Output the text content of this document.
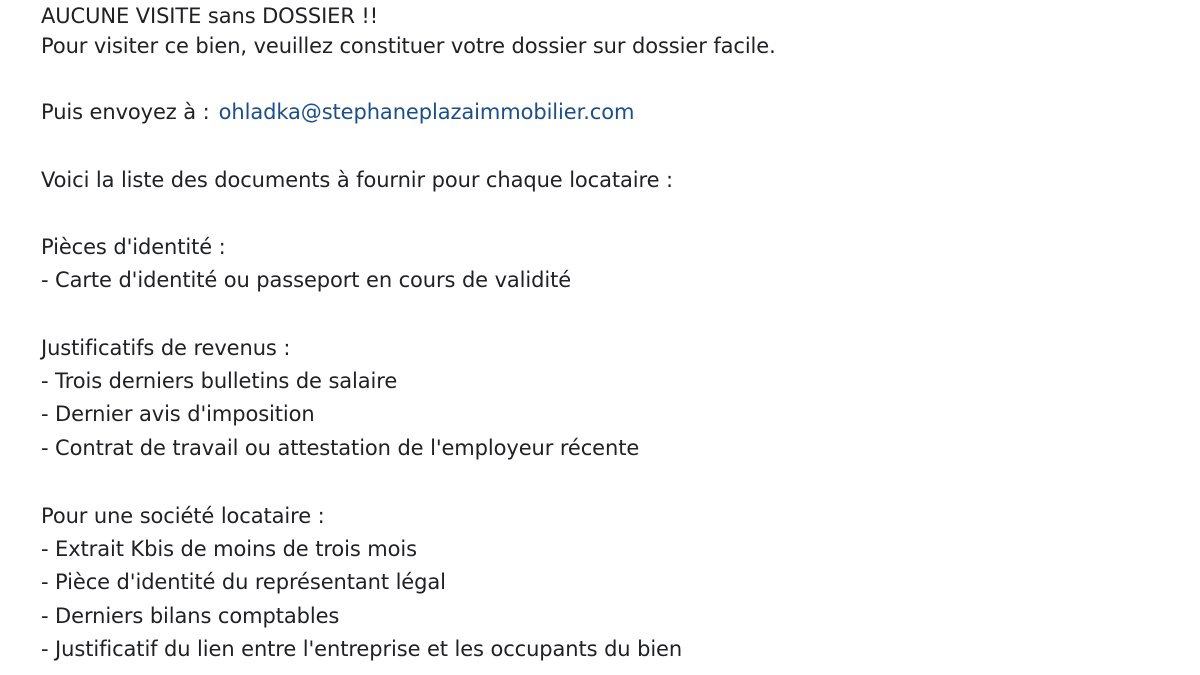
AUCUNE VISITE sans DOSSIER !!
Pour visiter ce bien, veuillez constituer votre dossier sur dossier facile.
Puis envoyez à : ohladka@stephaneplazaimmobilier.com
Voici la liste des documents à fournir pour chaque locataire :
Pièces d'identité :
- Carte d'identité ou passeport en cours de validité
Justificatifs de revenus :
- Trois derniers bulletins de salaire
- Dernier avis d'imposition
- Contrat de travail ou attestation de l'employeur récente
Pour une société locataire :
- Extrait Kbis de moins de trois mois
- Pièce d'identité du représentant légal
- Derniers bilans comptables
- Justificatif du lien entre l'entreprise et les occupants du bien
